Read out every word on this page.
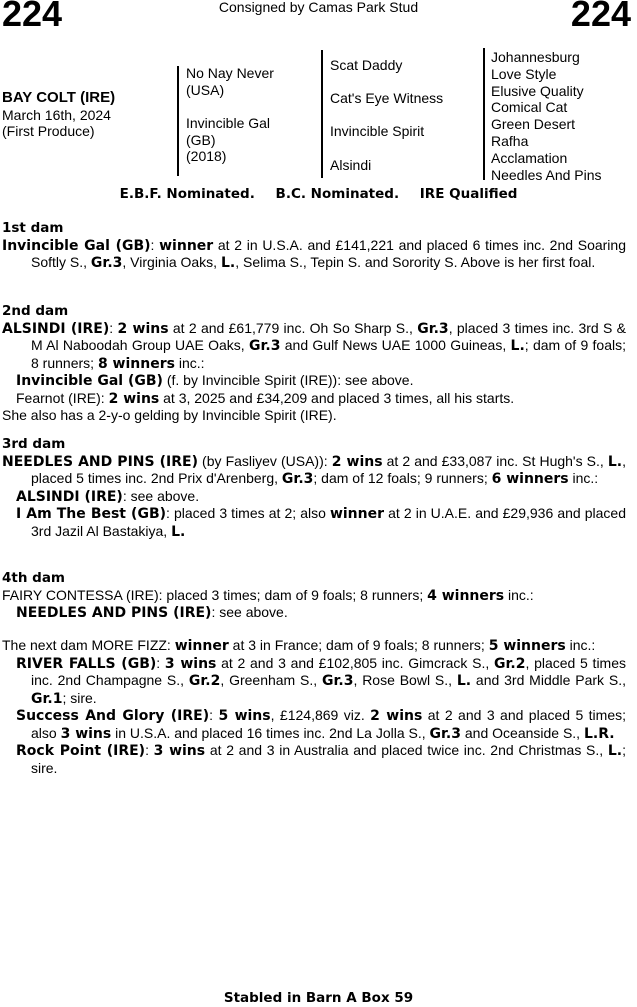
224	Consigned by Camas Park Stud	224
BAY COLT (IRE)
March 16th, 2024
(First Produce)
No Nay Never
(USA)
Invincible Gal
(GB)
(2018)
Scat Daddy
Cat's Eye Witness
Invincible Spirit
Alsindi
Johannesburg
Love Style
Elusive Quality
Comical Cat
Green Desert
Rafha
Acclamation
Needles And Pins
E.B.F. Nominated. B.C. Nominated. IRE Qualified
1st dam

Invincible Gal (GB): winner at 2 in U.S.A. and £141,221 and placed 6 times inc. 2nd Soaring Softly S., Gr.3, Virginia Oaks, L., Selima S., Tepin S. and Sorority S. Above is her first foal.

2nd dam

ALSINDI (IRE): 2 wins at 2 and £61,779 inc. Oh So Sharp S., Gr.3, placed 3 times inc. 3rd S & M Al Naboodah Group UAE Oaks, Gr.3 and Gulf News UAE 1000 Guineas, L.; dam of 9 foals; 8 runners; 8 winners inc.:

Invincible Gal (GB) (f. by Invincible Spirit (IRE)): see above.

Fearnot (IRE): 2 wins at 3, 2025 and £34,209 and placed 3 times, all his starts.

She also has a 2-y-o gelding by Invincible Spirit (IRE).

3rd dam

NEEDLES AND PINS (IRE) (by Fasliyev (USA)): 2 wins at 2 and £33,087 inc. St Hugh's S., L., placed 5 times inc. 2nd Prix d'Arenberg, Gr.3; dam of 12 foals; 9 runners; 6 winners inc.:

ALSINDI (IRE): see above.

I Am The Best (GB): placed 3 times at 2; also winner at 2 in U.A.E. and £29,936 and placed 3rd Jazil Al Bastakiya, L.

4th dam

FAIRY CONTESSA (IRE): placed 3 times; dam of 9 foals; 8 runners; 4 winners inc.:

NEEDLES AND PINS (IRE): see above.

The next dam MORE FIZZ: winner at 3 in France; dam of 9 foals; 8 runners; 5 winners inc.:

RIVER FALLS (GB): 3 wins at 2 and 3 and £102,805 inc. Gimcrack S., Gr.2, placed 5 times inc. 2nd Champagne S., Gr.2, Greenham S., Gr.3, Rose Bowl S., L. and 3rd Middle Park S., Gr.1; sire.

Success And Glory (IRE): 5 wins, £124,869 viz. 2 wins at 2 and 3 and placed 5 times; also 3 wins in U.S.A. and placed 16 times inc. 2nd La Jolla S., Gr.3 and Oceanside S., L.R.

Rock Point (IRE): 3 wins at 2 and 3 in Australia and placed twice inc. 2nd Christmas S., L.; sire.

Stabled in Barn A Box 59
